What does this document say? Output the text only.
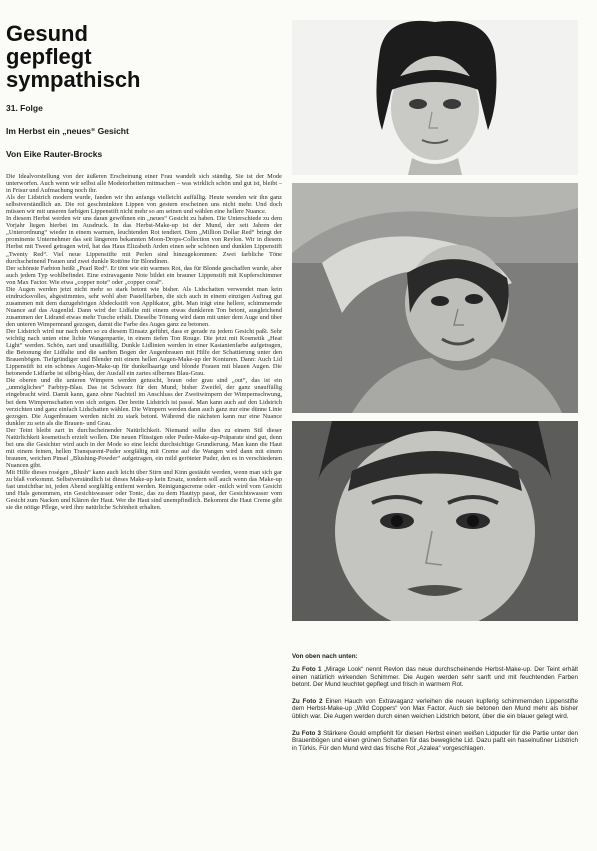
Gesund
gepflegt
sympathisch
31. Folge
Im Herbst ein „neues“ Gesicht
Von Eike Rauter-Brocks

Die Idealvorstellung von der äußeren Erscheinung einer Frau wandelt sich ständig. Sie ist der Mode unterworfen. Auch wenn wir selbst alle Modetorheiten mitmachen – was wirklich schön und gut ist, bleibt – in Frisur und Aufmachung noch ihr.

Als der Lidstrich modern wurde, fanden wir ihn anfangs vielleicht auffällig. Heute wenden wir ihn ganz selbstverständlich an. Die rot geschminkten Lippen von gestern erscheinen uns nicht mehr. Und doch müssen wir mit unseren farbigen Lippenstift nicht mehr so am seinen und wählen eine hellere Nuance.

In diesem Herbst werden wir uns daran gewöhnen ein „neues“ Gesicht zu haben. Die Unterschiede zu dem Vorjahr liegen hierbei im Ausdruck. In das Herbst-Make-up ist der Mund, der seit Jahren der „Unterordnung“ wieder in einem warmen, leuchtenden Rot tendiert. Dem „Million Dollar Red“ bringt der prominente Unternehmer das seit längerem bekannten Moon-Drops-Collection von Revlon. Wir in diesem Herbst mit Tweed getragen wird, hat das Haus Elizabeth Arden einen sehr schönen und dunklen Lippenstift „Twenty Red“. Viel neue Lippenstifte mit Perlen sind hinzugekommen: Zwei farbliche Töne durchscheinend Frauen und zwei dunkle Rottöne für Blondinen.

Der schönste Farbton heißt „Pearl Red“. Er tönt wie ein warmes Rot, das für Blonde geschaffen wurde, aber auch jedem Typ wohlbefindet. Eine extravagante Note bildet ein brauner Lippenstift mit Kupferschimmer von Max Factor. Wie etwa „copper note“ oder „copper coral“.

Die Augen werden jetzt nicht mehr so stark betont wie bisher. Als Lidschatten verwendet man kein eindrucksvolles, abgestimmtes, sehr wohl aber Pastellfarben, die sich auch in einem einzigen Auftrag gut zusammen mit dem dazugehörigen Abdeckstift von Applikator, gibt. Man trägt eine hellere, schimmernde Nuance auf das Augenlid. Dann wird der Lidfalte mit einem etwas dunkleren Ton betont, ausgleichend zusammen der Lidrand etwas mehr Tusche erhält. Dieselbe Tönung wird dann mit unter dem Auge und über den unteren Wimpernrand gezogen, damit die Farbe des Auges ganz zu betonen.

Der Lidstrich wird nur nach oben so zu diesem Einsatz geführt, dass er gerade zu jedem Gesicht paßt. Sehr wichtig nach unten eine lichte Wangenpartie, in einem tiefen Ton Rouge. Die jetzt mit Kosmetik „Heat Light“ werden. Schön, zart und unauffällig. Dunkle Lidlinien werden in einer Kastanienfarbe aufgetragen, die Betonung der Lidfalte und die sanften Bogen der Augenbrauen mit Hilfe der Schattierung unter den Brauenbögen. Tiefgründiger und Blender mit einem hellen Augen-Make-up der Konturen. Dann: Auch Lid Lippenstift ist ein schönes Augen-Make-up für dunkelhaarige und blonde Frauen mit blauen Augen. Die betonende Lidfarbe ist silbrig-blau, der Ausfall ein zartes silbernes Blau-Grau.

Die oberen und die unteren Wimpern werden getuscht, braun oder grau sind „out“, das ist ein „unmögliches“ Farbtyp-Blau. Das ist Schwarz für den Mund, bisher Zweifel, der ganz unauffällig eingebracht wird. Damit kann, ganz ohne Nachteil im Anschluss der Zweitwimpern der Wimpernschwung, bei dem Wimpernschatten von sich zeigen. Der breite Lidstrich ist passé. Man kann auch auf den Lidstrich verzichten und ganz einfach Lidschatten wählen. Die Wimpern werden dann auch ganz nur eine dünne Linie gezogen. Die Augenbrauen werden nicht zu stark betont. Während die nächsten kann nur eine Nuance dunkler zu sein als die Brauen- und Grau.

Der Teint bleibt zart in durchscheinender Natürlichkeit. Niemand sollte dies zu einem Stil dieser Natürlichkeit kosmetisch erzielt wollen. Die neuen Flüssigen oder Puder-Make-up-Präparate sind gut, denn bei uns die Gesichter wird auch in der Mode so eine leicht durchsichtige Grundierung. Man kann die Haut mit einem feinen, hellen Transparent-Puder sorgfältig mit Creme auf die Wangen wird dann mit einem braunen, weichen Pinsel „Blushing-Powder“ aufgetragen, ein mild geröteter Puder, den es in verschiedenen Nuancen gibt.

Mit Hilfe dieses roségen „Blush“ kann auch leicht über Stirn und Kinn gestäubt werden, wenn man sich gar zu blaß vorkommt. Selbstverständlich ist dieses Make-up kein Ersatz, sondern soll auch wenn das Make-up fast unsichtbar ist, jeden Abend sorgfältig entfernt werden. Reinigungscreme oder -milch wird vom Gesicht und Hals genommen, ein Gesichtswasser oder Tonic, das zu dem Hauttyp passt, der Gesichtswasser vom Gesicht zum Nacken und Klären der Haut. Wer die Haut sind unempfindlich. Bekommt die Haut Creme gibt sie die nötige Pflege, wird ihre natürliche Schönheit erhalten.

Von oben nach unten:
Zu Foto 1 „Mirage Look“ nennt Revlon das neue durchscheinende Herbst-Make-up. Der Teint erhält einen natürlich wirkenden Schimmer. Die Augen werden sehr sanft und mit feuchtenden Farben betont. Der Mund leuchtet gepflegt und frisch in warmem Rot.
Zu Foto 2 Einen Hauch von Extravaganz verleihen die neuen kupferig schimmernden Lippenstifte dem Herbst-Make-up „Wild Coppers“ von Max Factor. Auch sie betonen den Mund mehr als bisher üblich war. Die Augen werden durch einen weichen Lidstrich betont, über die ein blauer gelegt wird.
Zu Foto 3 Stärkere Gould empfiehlt für diesen Herbst einen weißen Lidpuder für die Partie unter den Brauenbögen und einen grünen Schatten für das bewegliche Lid. Dazu paßt ein haselnußner Lidstrich in Türkis. Für den Mund wird das frische Rot „Azalea“ vorgeschlagen.
